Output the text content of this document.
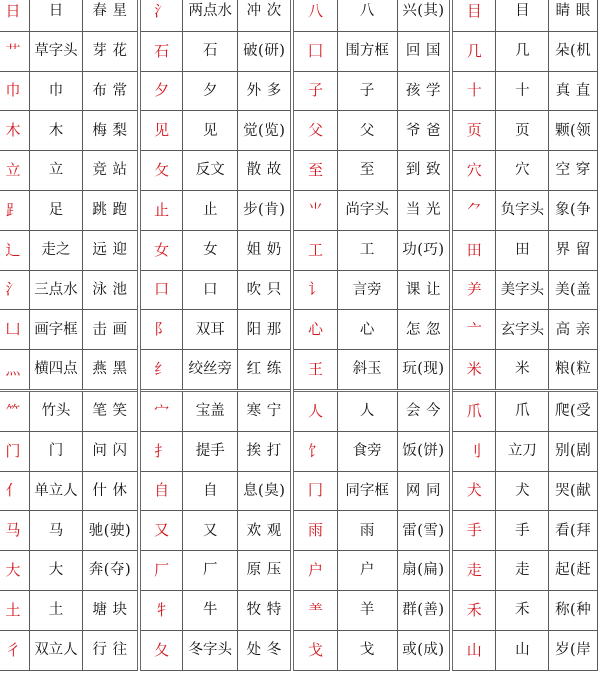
日	日	春 星	氵	两点水	冲 次	八	八	兴(其)	目	目	睛 眼
艹	草字头	芽 花	石	石	破(研)	囗	围方框	回 国	几	几	朵(机
巾	巾	布 常	夕	夕	外 多	子	子	孩 学	十	十	真 直
木	木	梅 梨	见	见	觉(览)	父	父	爷 爸	页	页	颗(领
立	立	竞 站	攵	反文	散 故	至	至	到 致	穴	穴	空 穿
⻊	足	跳 跑	止	止	步(肯)	⺌	尚字头	当 光	⺈	负字头	象(争
辶	走之	远 迎	女	女	姐 奶	工	工	功(巧)	田	田	界 留
氵	三点水	泳 池	口	口	吹 只	讠	言旁	课 让	⺶	美字头	美(盖
凵	画字框	击 画	阝	双耳	阳 那	心	心	怎 忽	亠	玄字头	高 亲
灬	横四点	燕 黑	纟	绞丝旁	红 练	王	斜玉	玩(现)	米	米	粮(粒
⺮	竹头	笔 笑	宀	宝盖	寒 宁	人	人	会 今	爪	爪	爬(受
门	门	问 闪	扌	提手	挨 打	饣	食旁	饭(饼)	刂	立刀	别(剧
亻	单立人	什 休	自	自	息(臭)	冂	同字框	网 同	犬	犬	哭(献
马	马	驰(驶)	又	又	欢 观	雨	雨	雷(雪)	手	手	看(拜
大	大	奔(夺)	厂	厂	原 压	户	户	扇(扁)	走	走	起(赶
土	土	塘 块	牜	牛	牧 特	⺷	羊	群(善)	禾	禾	称(种
彳	双立人	行 往	夂	冬字头	处 冬	戈	戈	或(成)	山	山	岁(岸
